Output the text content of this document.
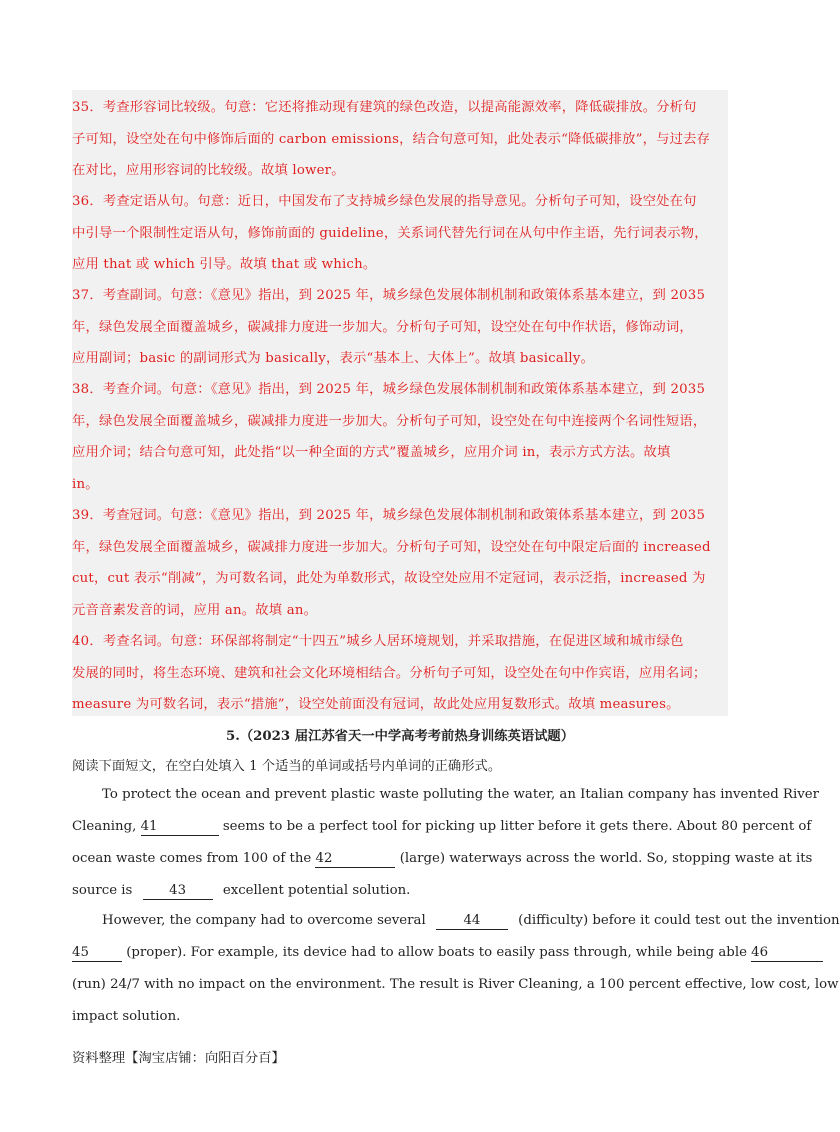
35．考查形容词比较级。句意：它还将推动现有建筑的绿色改造，以提高能源效率，降低碳排放。分析句
子可知，设空处在句中修饰后面的 carbon emissions，结合句意可知，此处表示“降低碳排放”，与过去存
在对比，应用形容词的比较级。故填 lower。
36．考查定语从句。句意：近日，中国发布了支持城乡绿色发展的指导意见。分析句子可知，设空处在句
中引导一个限制性定语从句，修饰前面的 guideline，关系词代替先行词在从句中作主语，先行词表示物，
应用 that 或 which 引导。故填 that 或 which。
37．考查副词。句意：《意见》指出，到 2025 年，城乡绿色发展体制机制和政策体系基本建立，到 2035
年，绿色发展全面覆盖城乡，碳减排力度进一步加大。分析句子可知，设空处在句中作状语，修饰动词，
应用副词；basic 的副词形式为 basically，表示“基本上、大体上”。故填 basically。
38．考查介词。句意：《意见》指出，到 2025 年，城乡绿色发展体制机制和政策体系基本建立，到 2035
年，绿色发展全面覆盖城乡，碳减排力度进一步加大。分析句子可知，设空处在句中连接两个名词性短语，
应用介词；结合句意可知，此处指“以一种全面的方式”覆盖城乡，应用介词 in，表示方式方法。故填
in。
39．考查冠词。句意：《意见》指出，到 2025 年，城乡绿色发展体制机制和政策体系基本建立，到 2035
年，绿色发展全面覆盖城乡，碳减排力度进一步加大。分析句子可知，设空处在句中限定后面的 increased
cut，cut 表示“削减”，为可数名词，此处为单数形式，故设空处应用不定冠词，表示泛指，increased 为
元音音素发音的词，应用 an。故填 an。
40．考查名词。句意：环保部将制定“十四五”城乡人居环境规划，并采取措施，在促进区域和城市绿色
发展的同时，将生态环境、建筑和社会文化环境相结合。分析句子可知，设空处在句中作宾语，应用名词；
measure 为可数名词，表示“措施”，设空处前面没有冠词，故此处应用复数形式。故填 measures。
5.（2023 届江苏省天一中学高考考前热身训练英语试题）
阅读下面短文，在空白处填入 1 个适当的单词或括号内单词的正确形式。
To protect the ocean and prevent plastic waste polluting the water, an Italian company has invented River
Cleaning, 41	seems to be a perfect tool for picking up litter before it gets there. About 80 percent of
ocean waste comes from 100 of the 42	(large) waterways across the world. So, stopping waste at its
source is	43	excellent potential solution.
However, the company had to overcome several	44	(difficulty) before it could test out the invention
45	(proper). For example, its device had to allow boats to easily pass through, while being able 46
(run) 24/7 with no impact on the environment. The result is River Cleaning, a 100 percent effective, low cost, low
impact solution.
资料整理【淘宝店铺：向阳百分百】
